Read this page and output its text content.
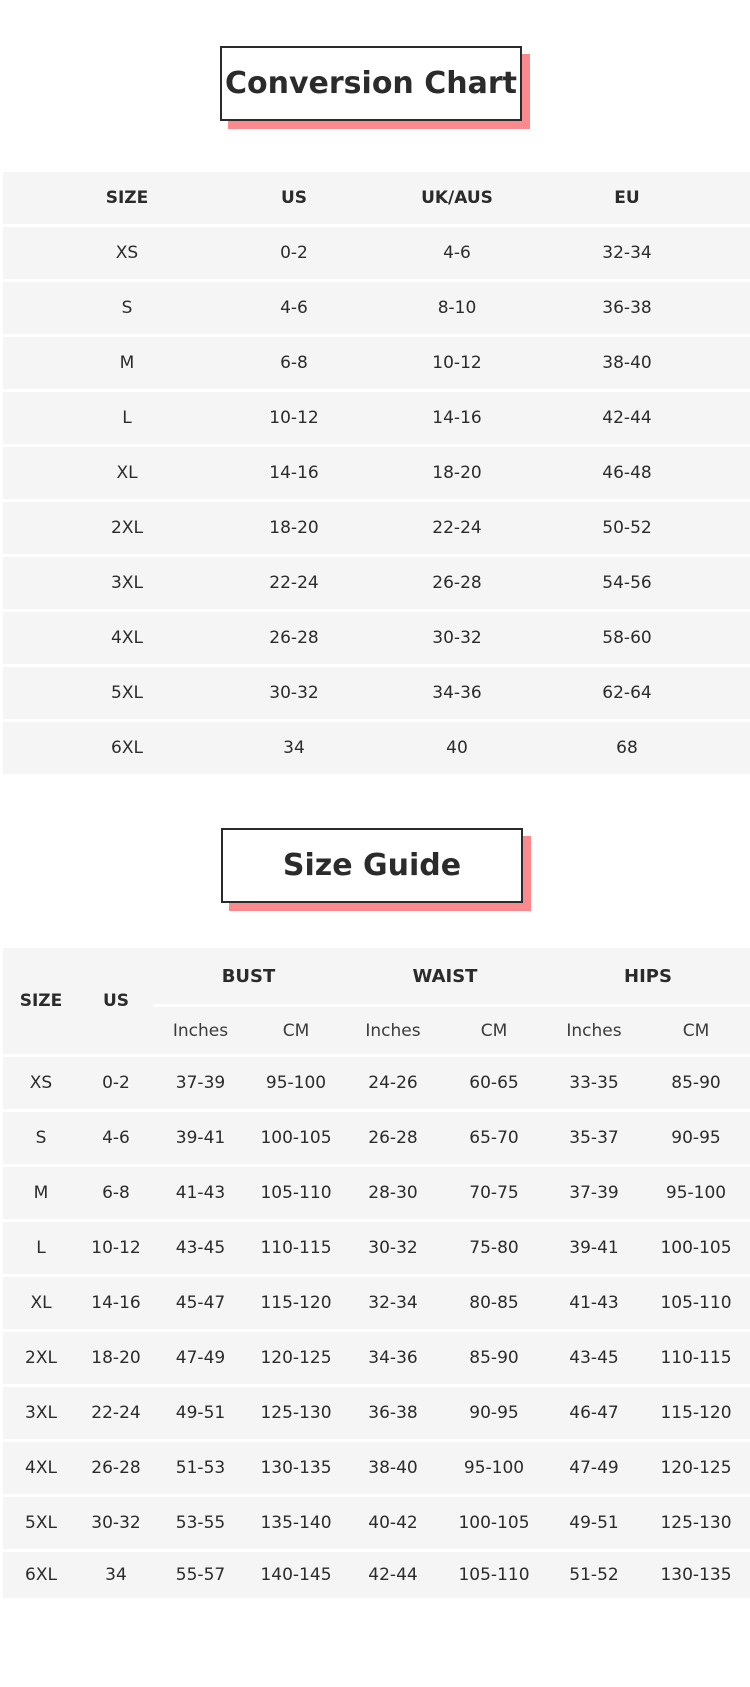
Conversion Chart
SIZE	US	UK/AUS	EU
XS	0-2	4-6	32-34
S	4-6	8-10	36-38
M	6-8	10-12	38-40
L	10-12	14-16	42-44
XL	14-16	18-20	46-48
2XL	18-20	22-24	50-52
3XL	22-24	26-28	54-56
4XL	26-28	30-32	58-60
5XL	30-32	34-36	62-64
6XL	34	40	68
Size Guide
SIZE	US
BUST	WAIST	HIPS
Inches	CM	Inches	CM	Inches	CM
XS	0-2	37-39	95-100	24-26	60-65	33-35	85-90
S	4-6	39-41	100-105	26-28	65-70	35-37	90-95
M	6-8	41-43	105-110	28-30	70-75	37-39	95-100
L	10-12	43-45	110-115	30-32	75-80	39-41	100-105
XL	14-16	45-47	115-120	32-34	80-85	41-43	105-110
2XL	18-20	47-49	120-125	34-36	85-90	43-45	110-115
3XL	22-24	49-51	125-130	36-38	90-95	46-47	115-120
4XL	26-28	51-53	130-135	38-40	95-100	47-49	120-125
5XL	30-32	53-55	135-140	40-42	100-105	49-51	125-130
6XL	34	55-57	140-145	42-44	105-110	51-52	130-135
